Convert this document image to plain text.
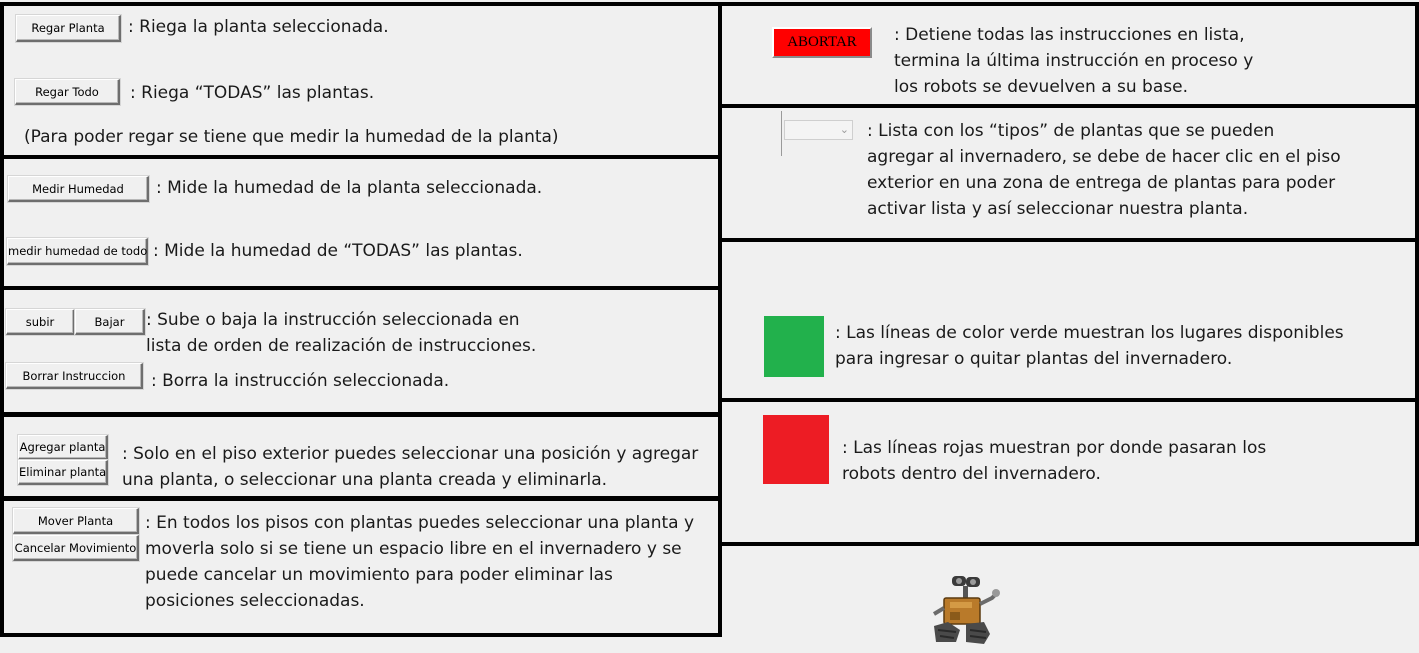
Regar Planta	: Riega la planta seleccionada.
Regar Todo	: Riega “TODAS” las plantas.
(Para poder regar se tiene que medir la humedad de la planta)
Medir Humedad	: Mide la humedad de la planta seleccionada.
medir humedad de todo : Mide la humedad de “TODAS” las plantas.
subir	Bajar	: Sube o baja la instrucción seleccionada en
lista de orden de realización de instrucciones.
Borrar Instruccion	: Borra la instrucción seleccionada.
Agregar planta
Eliminar planta
: Solo en el piso exterior puedes seleccionar una posición y agregar
una planta, o seleccionar una planta creada y eliminarla.
Mover Planta
Cancelar Movimiento
: En todos los pisos con plantas puedes seleccionar una planta y
moverla solo si se tiene un espacio libre en el invernadero y se
puede cancelar un movimiento para poder eliminar las
posiciones seleccionadas.
ABORTAR	: Detiene todas las instrucciones en lista,
termina la última instrucción en proceso y
los robots se devuelven a su base.
⌄ : Lista con los “tipos” de plantas que se pueden
agregar al invernadero, se debe de hacer clic en el piso
exterior en una zona de entrega de plantas para poder
activar lista y así seleccionar nuestra planta.
: Las líneas de color verde muestran los lugares disponibles
para ingresar o quitar plantas del invernadero.
: Las líneas rojas muestran por donde pasaran los
robots dentro del invernadero.
